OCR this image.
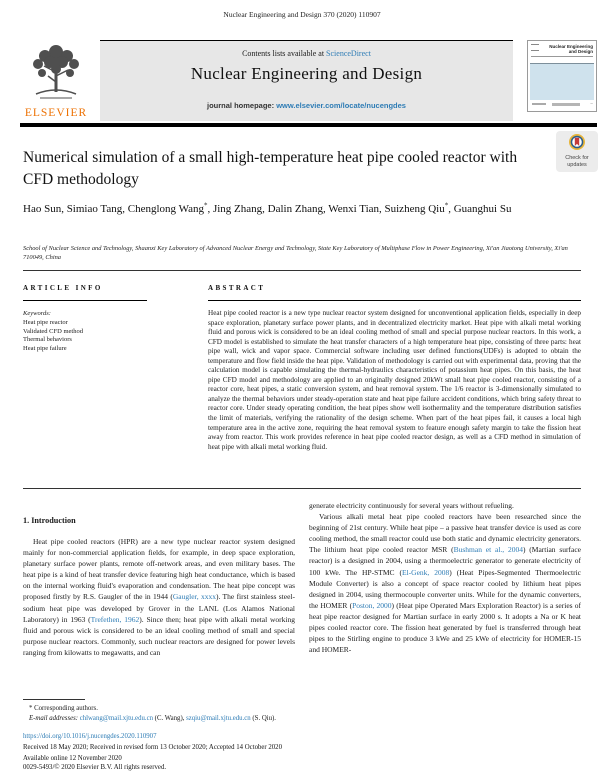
Nuclear Engineering and Design 370 (2020) 110907
Contents lists available at ScienceDirect
Nuclear Engineering and Design
journal homepage: www.elsevier.com/locate/nucengdes
ELSEVIER
Nuclear Engineering and Design
~
Check for updates
Numerical simulation of a small high-temperature heat pipe cooled reactor with CFD methodology
Hao Sun, Simiao Tang, Chenglong Wang*, Jing Zhang, Dalin Zhang, Wenxi Tian, Suizheng Qiu*, Guanghui Su
School of Nuclear Science and Technology, Shaanxi Key Laboratory of Advanced Nuclear Energy and Technology, State Key Laboratory of Multiphase Flow in Power Engineering, Xi'an Jiaotong University, Xi'an 710049, China
ARTICLE INFO
Keywords:
Heat pipe reactor
Validated CFD method
Thermal behaviors
Heat pipe failure
ABSTRACT

Heat pipe cooled reactor is a new type nuclear reactor system designed for unconventional application fields, especially in deep space exploration, planetary surface power plants, and in decentralized electricity market. Heat pipe with alkali metal working fluid and porous wick is considered to be an ideal cooling method of small and special purpose nuclear reactors. In this work, a CFD model is established to simulate the heat transfer characters of a high temperature heat pipe, consisting of three parts: heat pipe wall, wick and vapor space. Commercial software including user defined functions(UDFs) is adopted to obtain the temperature and flow field inside the heat pipe. Validation of methodology is carried out with experimental data, proving that the calculation model is capable simulating the thermal-hydraulics characteristics of potassium heat pipes. On this basis, the heat pipe CFD model and methodology are applied to an originally designed 20kWt small heat pipe cooled reactor, consisting of a reactor core, heat pipes, a static conversion system, and heat removal system. The 1/6 reactor is 3-dimensionally simulated to analyze the thermal behaviors under steady-operation state and heat pipe failure accident conditions, which bring safety threat to reactor core. Under steady operating condition, the heat pipes show well isothermality and the temperature distribution satisfies the limit of materials, verifying the rationality of the design scheme. When part of the heat pipes fail, it causes a local high temperature area in the active zone, requiring the heat removal system to feature enough safety margin to take the fission heat away from reactor. This work provides reference in heat pipe cooled reactor design, as well as a CFD method in simulation of heat pipe with alkali metal working fluid.

1. Introduction

Heat pipe cooled reactors (HPR) are a new type nuclear reactor system designed mainly for non-commercial application fields, for example, in deep space exploration, planetary surface power plants, remote off-network areas, and even military bases. The heat pipe is a kind of heat transfer device featuring high heat conductance, which is based on the internal working fluid's evaporation and condensation. The heat pipe concept was proposed firstly by R.S. Gaugler of the in 1944 (Gaugler, xxxx). The first stainless steel-sodium heat pipe was developed by Grover in the LANL (Los Alamos National Laboratory) in 1963 (Trefethen, 1962). Since then; heat pipe with alkali metal working fluid and porous wick is considered to be an ideal cooling method of small and special purpose nuclear reactors. Commonly, such nuclear reactors are designed for power levels ranging from kilowatts to megawatts, and can

generate electricity continuously for several years without refueling.

Various alkali metal heat pipe cooled reactors have been researched since the beginning of 21st century. While heat pipe – a passive heat transfer device is used as core cooling method, the small reactor could use both static and dynamic electricity generators. The lithium heat pipe cooled reactor MSR (Bushman et al., 2004) (Martian surface reactor) is a designed in 2004, using a thermoelectric generator to generate electricity of 100 kWe. The HP-STMC (El-Genk, 2008) (Heat Pipes-Segmented Thermoelectric Module Converter) is also a concept of space reactor cooled by lithium heat pipes designed in 2004, using thermocouple converter units. While for the dynamic converters, the HOMER (Poston, 2000) (Heat pipe Operated Mars Exploration Reactor) is a series of heat pipe reactor designed for Martian surface in early 2000 s. It adopts a Na or K heat pipes cooled reactor core. The fission heat generated by fuel is transferred through heat pipes to the Stirling engine to produce 3 kWe and 25 kWe of electricity for HOMER-15 and HOMER-

* Corresponding authors.
E-mail addresses: chlwang@mail.xjtu.edu.cn (C. Wang), szqiu@mail.xjtu.edu.cn (S. Qiu).
https://doi.org/10.1016/j.nucengdes.2020.110907
Received 18 May 2020; Received in revised form 13 October 2020; Accepted 14 October 2020
Available online 12 November 2020
0029-5493/© 2020 Elsevier B.V. All rights reserved.
